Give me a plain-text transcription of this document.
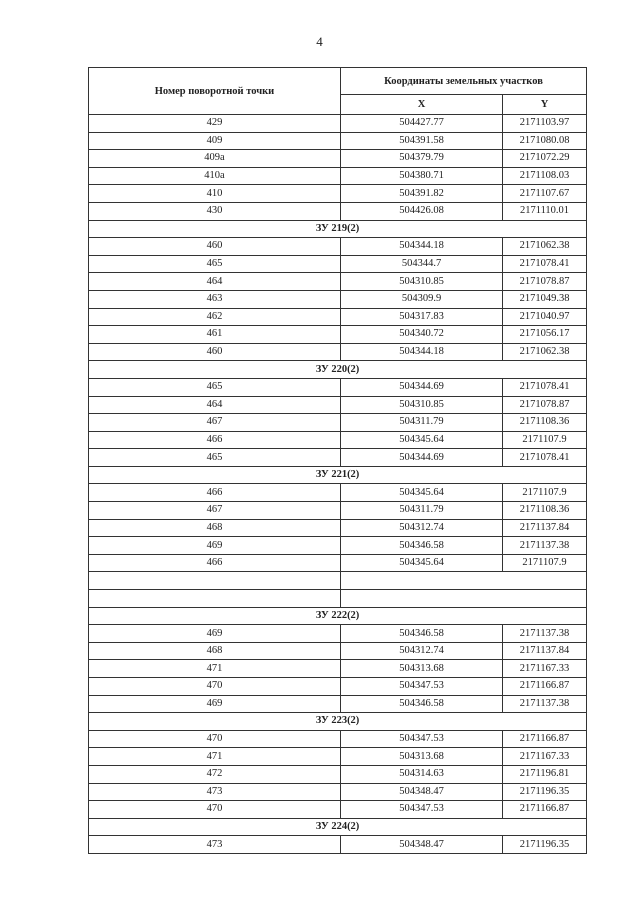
4
Номер поворотной точки	Координаты земельных участков	
	X	Y
429	504427.77	2171103.97
409	504391.58	2171080.08
409а	504379.79	2171072.29
410а	504380.71	2171108.03
410	504391.82	2171107.67
430	504426.08	2171110.01
ЗУ 219(2)		
460	504344.18	2171062.38
465	504344.7	2171078.41
464	504310.85	2171078.87
463	504309.9	2171049.38
462	504317.83	2171040.97
461	504340.72	2171056.17
460	504344.18	2171062.38
ЗУ 220(2)		
465	504344.69	2171078.41
464	504310.85	2171078.87
467	504311.79	2171108.36
466	504345.64	2171107.9
465	504344.69	2171078.41
ЗУ 221(2)		
466	504345.64	2171107.9
467	504311.79	2171108.36
468	504312.74	2171137.84
469	504346.58	2171137.38
466	504345.64	2171107.9

ЗУ 222(2)		
469	504346.58	2171137.38
468	504312.74	2171137.84
471	504313.68	2171167.33
470	504347.53	2171166.87
469	504346.58	2171137.38
ЗУ 223(2)		
470	504347.53	2171166.87
471	504313.68	2171167.33
472	504314.63	2171196.81
473	504348.47	2171196.35
470	504347.53	2171166.87
ЗУ 224(2)		
473	504348.47	2171196.35
